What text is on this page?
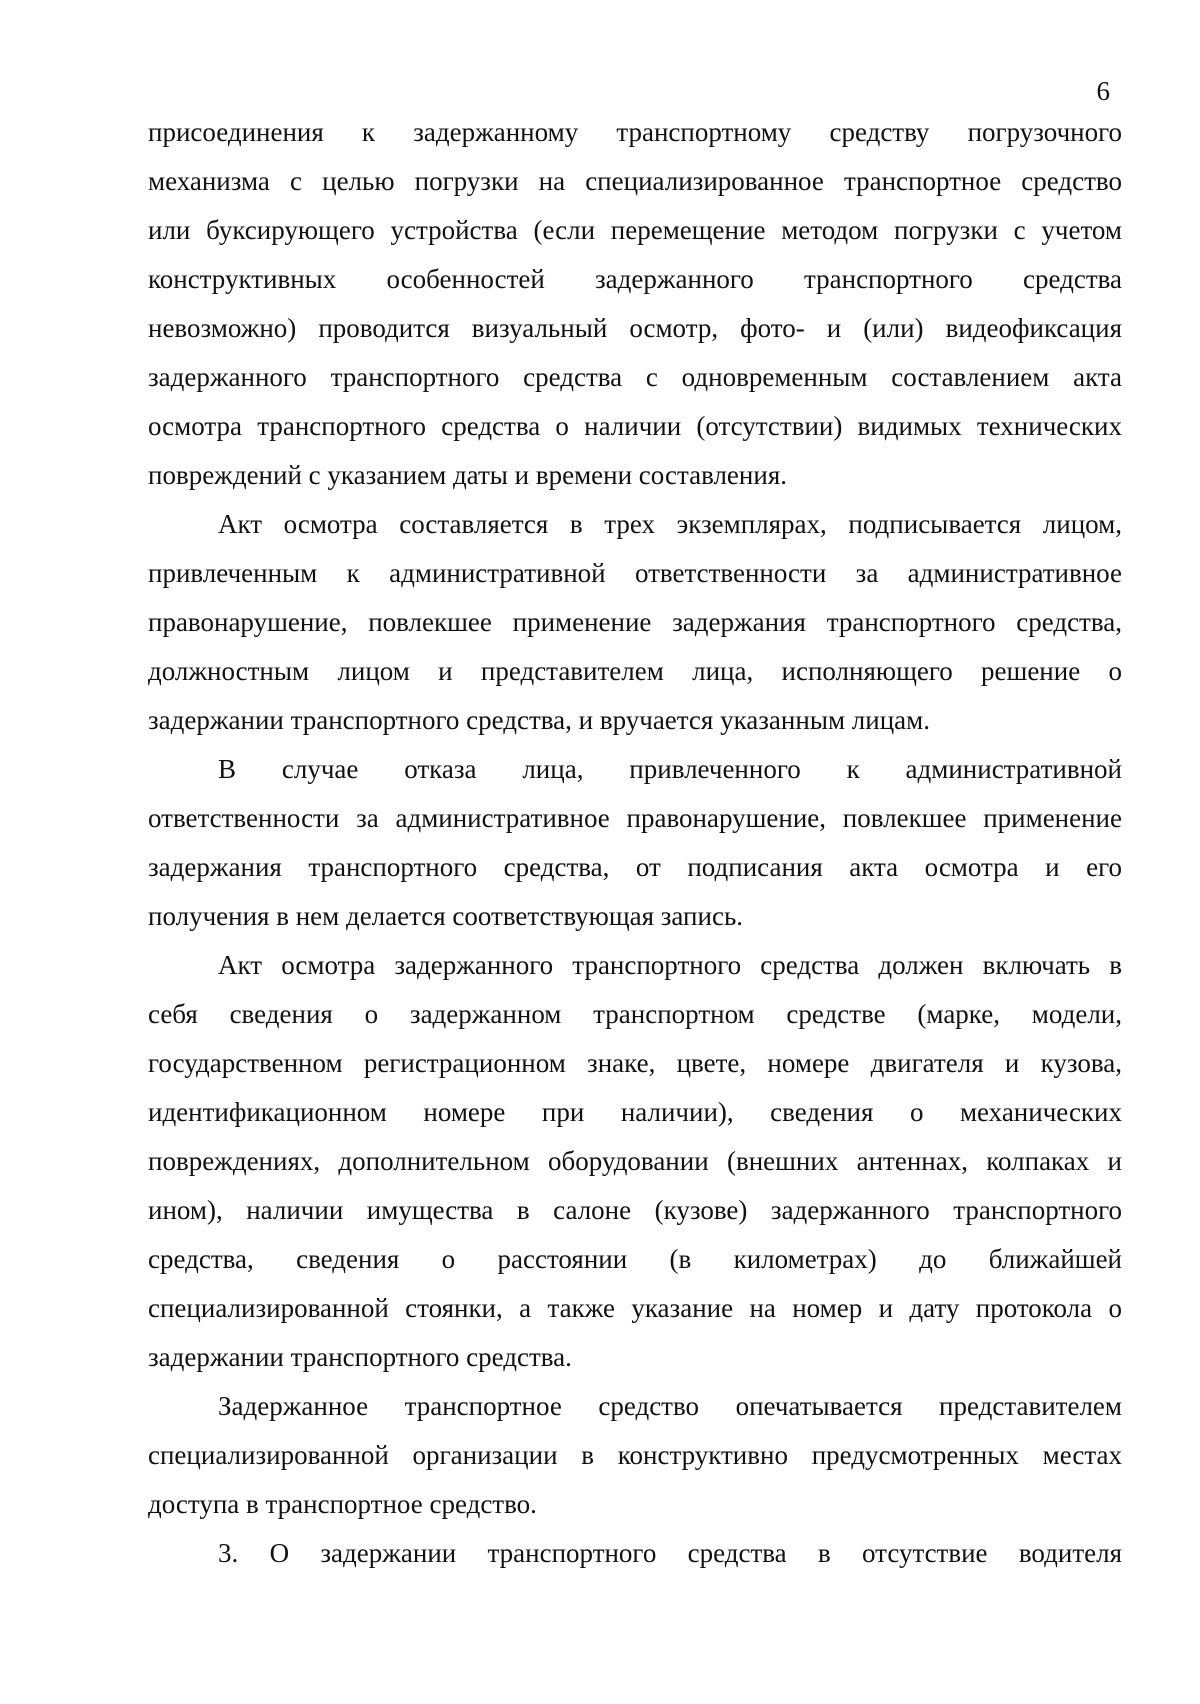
6
присоединения к задержанному транспортному средству погрузочного
механизма с целью погрузки на специализированное транспортное средство
или буксирующего устройства (если перемещение методом погрузки с учетом
конструктивных особенностей задержанного транспортного средства
невозможно) проводится визуальный осмотр, фото- и (или) видеофиксация
задержанного транспортного средства с одновременным составлением акта
осмотра транспортного средства о наличии (отсутствии) видимых технических
повреждений с указанием даты и времени составления.
Акт осмотра составляется в трех экземплярах, подписывается лицом,
привлеченным к административной ответственности за административное
правонарушение, повлекшее применение задержания транспортного средства,
должностным лицом и представителем лица, исполняющего решение о
задержании транспортного средства, и вручается указанным лицам.
В случае отказа лица, привлеченного к административной
ответственности за административное правонарушение, повлекшее применение
задержания транспортного средства, от подписания акта осмотра и его
получения в нем делается соответствующая запись.
Акт осмотра задержанного транспортного средства должен включать в
себя сведения о задержанном транспортном средстве (марке, модели,
государственном регистрационном знаке, цвете, номере двигателя и кузова,
идентификационном номере при наличии), сведения о механических
повреждениях, дополнительном оборудовании (внешних антеннах, колпаках и
ином), наличии имущества в салоне (кузове) задержанного транспортного
средства, сведения о расстоянии (в километрах) до ближайшей
специализированной стоянки, а также указание на номер и дату протокола о
задержании транспортного средства.
Задержанное транспортное средство опечатывается представителем
специализированной организации в конструктивно предусмотренных местах
доступа в транспортное средство.
3. О задержании транспортного средства в отсутствие водителя
